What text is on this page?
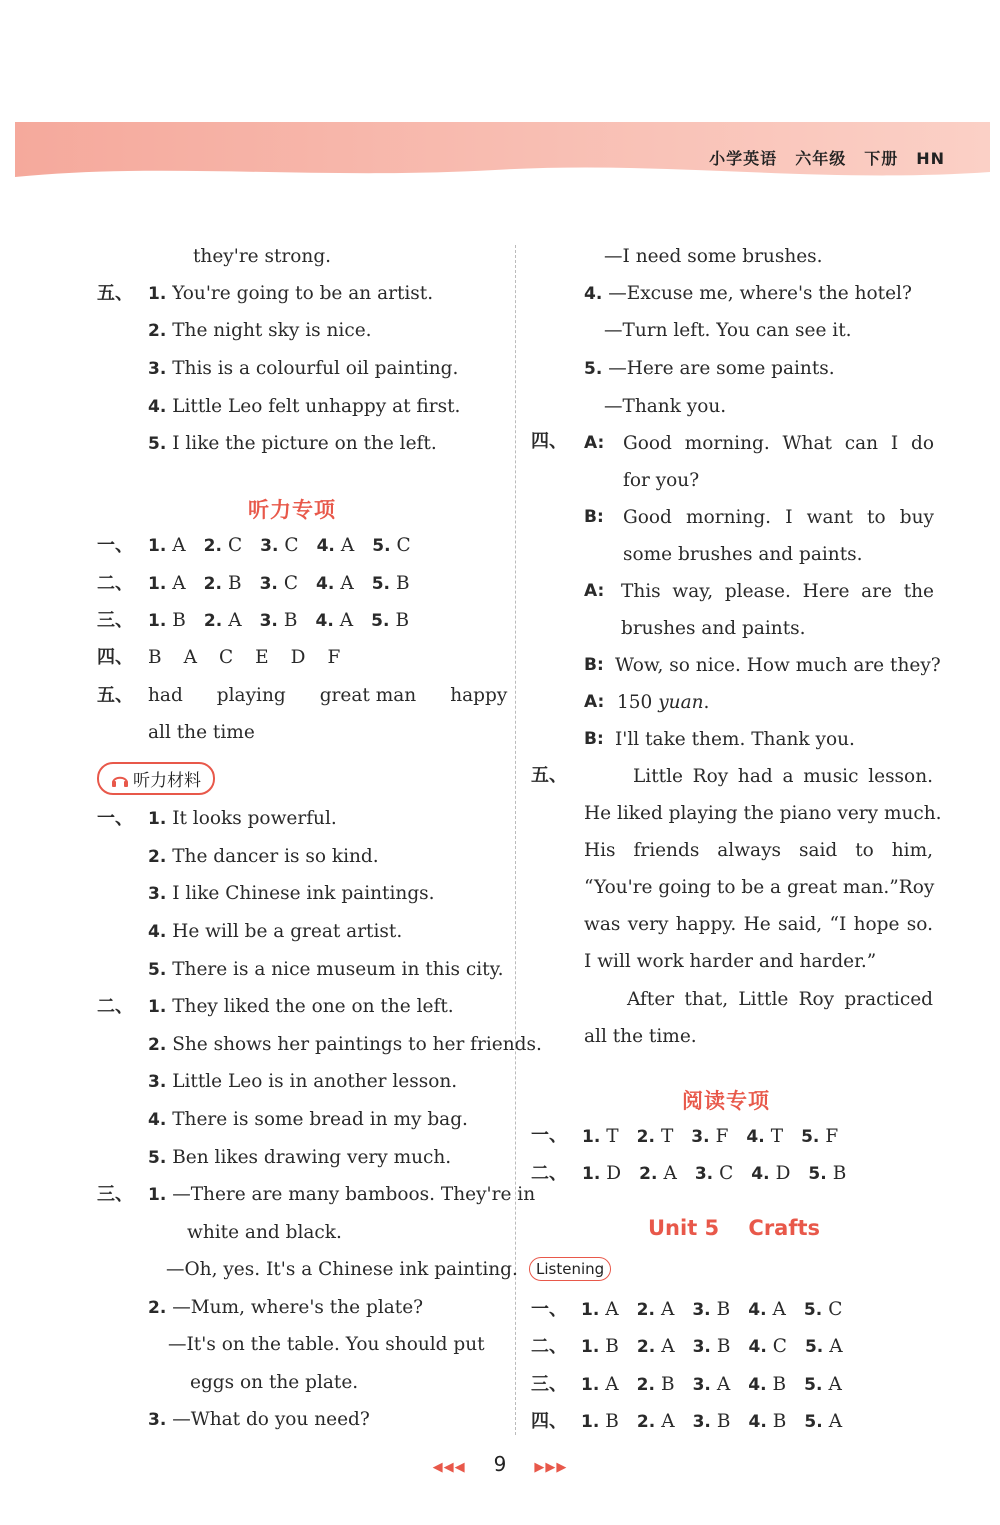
小学英语 六年级 下册 HN
they're strong.
五、 1. You're going to be an artist.
2. The night sky is nice.
3. This is a colourful oil painting.
4. Little Leo felt unhappy at first.
5. I like the picture on the left.
听力专项
一、 1. A 2. C 3. C 4. A 5. C
二、 1. A 2. B 3. C 4. A 5. B
三、 1. B 2. A 3. B 4. A 5. B
四、 B A C E D F
五、 had playing great man happy
all the time
听力材料
一、 1. It looks powerful.
2. The dancer is so kind.
3. I like Chinese ink paintings.
4. He will be a great artist.
5. There is a nice museum in this city.
二、 1. They liked the one on the left.
2. She shows her paintings to her friends.
3. Little Leo is in another lesson.
4. There is some bread in my bag.
5. Ben likes drawing very much.
三、 1. —There are many bamboos. They're in
white and black.
—Oh, yes. It's a Chinese ink painting.
2. —Mum, where's the plate?
—It's on the table. You should put
eggs on the plate.
3. —What do you need?
—I need some brushes.
4. —Excuse me, where's the hotel?
—Turn left. You can see it.
5. —Here are some paints.
—Thank you.
四、 A: Good morning. What can I do
for you?
B: Good morning. I want to buy
some brushes and paints.
A: This way, please. Here are the
brushes and paints.
B: Wow, so nice. How much are they?
A: 150 yuan.
B: I'll take them. Thank you.
五、	Little Roy had a music lesson.
He liked playing the piano very much.
His friends always said to him,
“You're going to be a great man.”Roy
was very happy. He said, “I hope so.
I will work harder and harder.”
After that, Little Roy practiced
all the time.
阅读专项
一、 1. T 2. T 3. F 4. T 5. F
二、 1. D 2. A 3. C 4. D 5. B
Unit 5    Crafts
Listening
一、 1. A 2. A 3. B 4. A 5. C
二、 1. B 2. A 3. B 4. C 5. A
三、 1. A 2. B 3. A 4. B 5. A
四、 1. B 2. A 3. B 4. B 5. A
◀◀◀ 9 ▶▶▶
